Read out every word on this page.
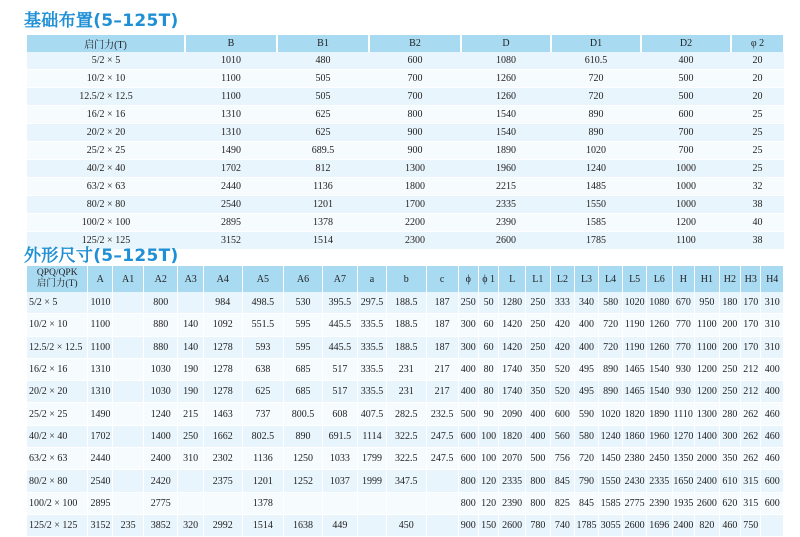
基础布置(5–125T)
启门力(T)	B	B1	B2	D	D1	D2	φ 2
5/2 × 5	1010	480	600	1080	610.5	400	20
10/2 × 10	1100	505	700	1260	720	500	20
12.5/2 × 12.5	1100	505	700	1260	720	500	20
16/2 × 16	1310	625	800	1540	890	600	25
20/2 × 20	1310	625	900	1540	890	700	25
25/2 × 25	1490	689.5	900	1890	1020	700	25
40/2 × 40	1702	812	1300	1960	1240	1000	25
63/2 × 63	2440	1136	1800	2215	1485	1000	32
80/2 × 80	2540	1201	1700	2335	1550	1000	38
100/2 × 100	2895	1378	2200	2390	1585	1200	40
125/2 × 125	3152	1514	2300	2600	1785	1100	38
外形尺寸(5–125T)
QPQ/QPK
启门力(T)	A	A1	A2	A3	A4	A5	A6	A7	a	b	c	ϕ	ϕ 1	L	L1	L2	L3	L4	L5	L6	H	H1	H2	H3	H4
5/2 × 5	1010		800		984	498.5	530	395.5	297.5	188.5	187	250	50	1280	250	333	340	580	1020	1080	670	950	180	170	310
10/2 × 10	1100		880	140	1092	551.5	595	445.5	335.5	188.5	187	300	60	1420	250	420	400	720	1190	1260	770	1100	200	170	310
12.5/2 × 12.5	1100		880	140	1278	593	595	445.5	335.5	188.5	187	300	60	1420	250	420	400	720	1190	1260	770	1100	200	170	310
16/2 × 16	1310		1030	190	1278	638	685	517	335.5	231	217	400	80	1740	350	520	495	890	1465	1540	930	1200	250	212	400
20/2 × 20	1310		1030	190	1278	625	685	517	335.5	231	217	400	80	1740	350	520	495	890	1465	1540	930	1200	250	212	400
25/2 × 25	1490		1240	215	1463	737	800.5	608	407.5	282.5	232.5	500	90	2090	400	600	590	1020	1820	1890	1110	1300	280	262	460
40/2 × 40	1702		1400	250	1662	802.5	890	691.5	1114	322.5	247.5	600	100	1820	400	560	580	1240	1860	1960	1270	1400	300	262	460
63/2 × 63	2440		2400	310	2302	1136	1250	1033	1799	322.5	247.5	600	100	2070	500	756	720	1450	2380	2450	1350	2000	350	262	460
80/2 × 80	2540		2420		2375	1201	1252	1037	1999	347.5		800	120	2335	800	845	790	1550	2430	2335	1650	2400	610	315	600
100/2 × 100	2895		2775			1378						800	120	2390	800	825	845	1585	2775	2390	1935	2600	620	315	600
125/2 × 125	3152	235	3852	320	2992	1514	1638	449		450		900	150	2600	780	740	1785	3055	2600	1696	2400	820	460	750	
